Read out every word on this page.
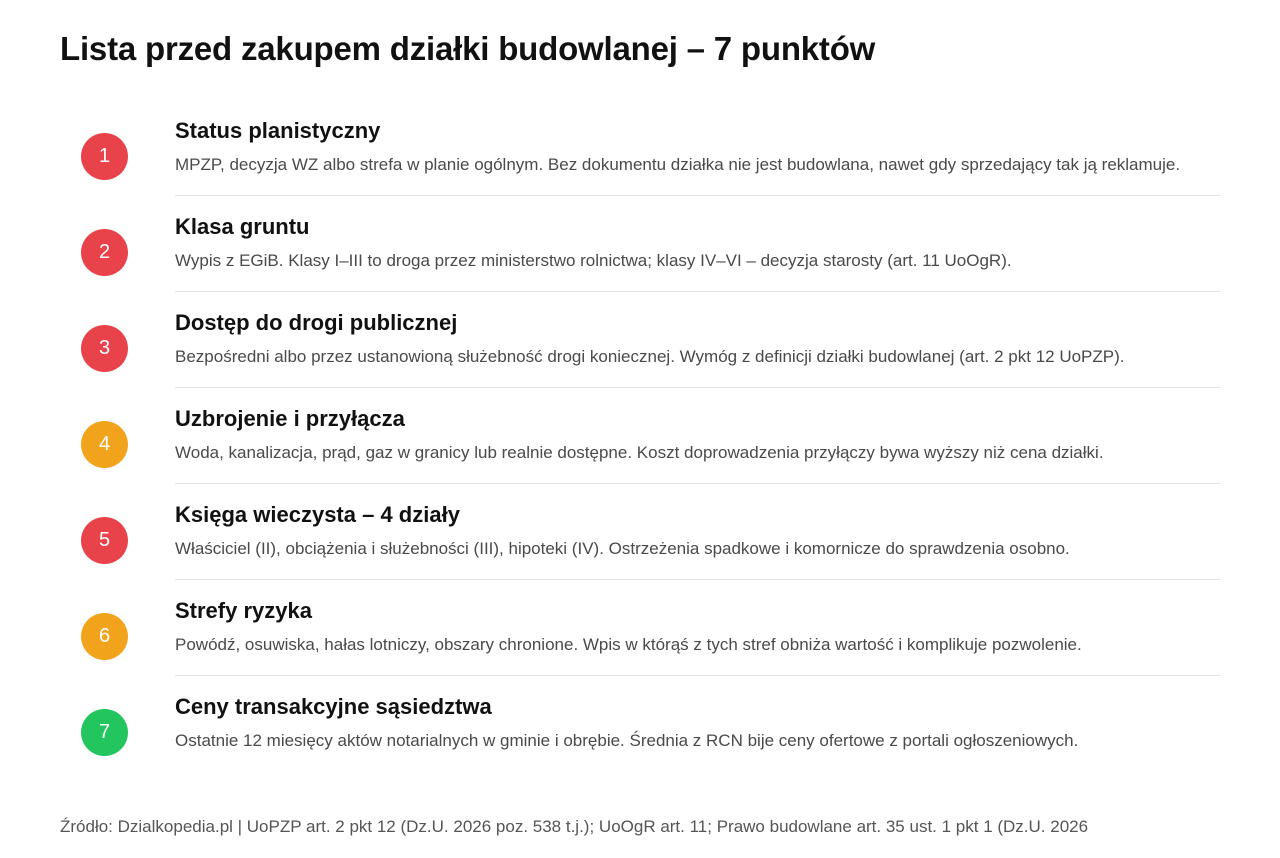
Lista przed zakupem działki budowlanej – 7 punktów
1
Status planistyczny
MPZP, decyzja WZ albo strefa w planie ogólnym. Bez dokumentu działka nie jest budowlana, nawet gdy sprzedający tak ją reklamuje.
2
Klasa gruntu
Wypis z EGiB. Klasy I–III to droga przez ministerstwo rolnictwa; klasy IV–VI – decyzja starosty (art. 11 UoOgR).
3
Dostęp do drogi publicznej
Bezpośredni albo przez ustanowioną służebność drogi koniecznej. Wymóg z definicji działki budowlanej (art. 2 pkt 12 UoPZP).
4
Uzbrojenie i przyłącza
Woda, kanalizacja, prąd, gaz w granicy lub realnie dostępne. Koszt doprowadzenia przyłączy bywa wyższy niż cena działki.
5
Księga wieczysta – 4 działy
Właściciel (II), obciążenia i służebności (III), hipoteki (IV). Ostrzeżenia spadkowe i komornicze do sprawdzenia osobno.
6
Strefy ryzyka
Powódź, osuwiska, hałas lotniczy, obszary chronione. Wpis w którąś z tych stref obniża wartość i komplikuje pozwolenie.
7
Ceny transakcyjne sąsiedztwa
Ostatnie 12 miesięcy aktów notarialnych w gminie i obrębie. Średnia z RCN bije ceny ofertowe z portali ogłoszeniowych.
Źródło: Dzialkopedia.pl | UoPZP art. 2 pkt 12 (Dz.U. 2026 poz. 538 t.j.); UoOgR art. 11; Prawo budowlane art. 35 ust. 1 pkt 1 (Dz.U. 2026
